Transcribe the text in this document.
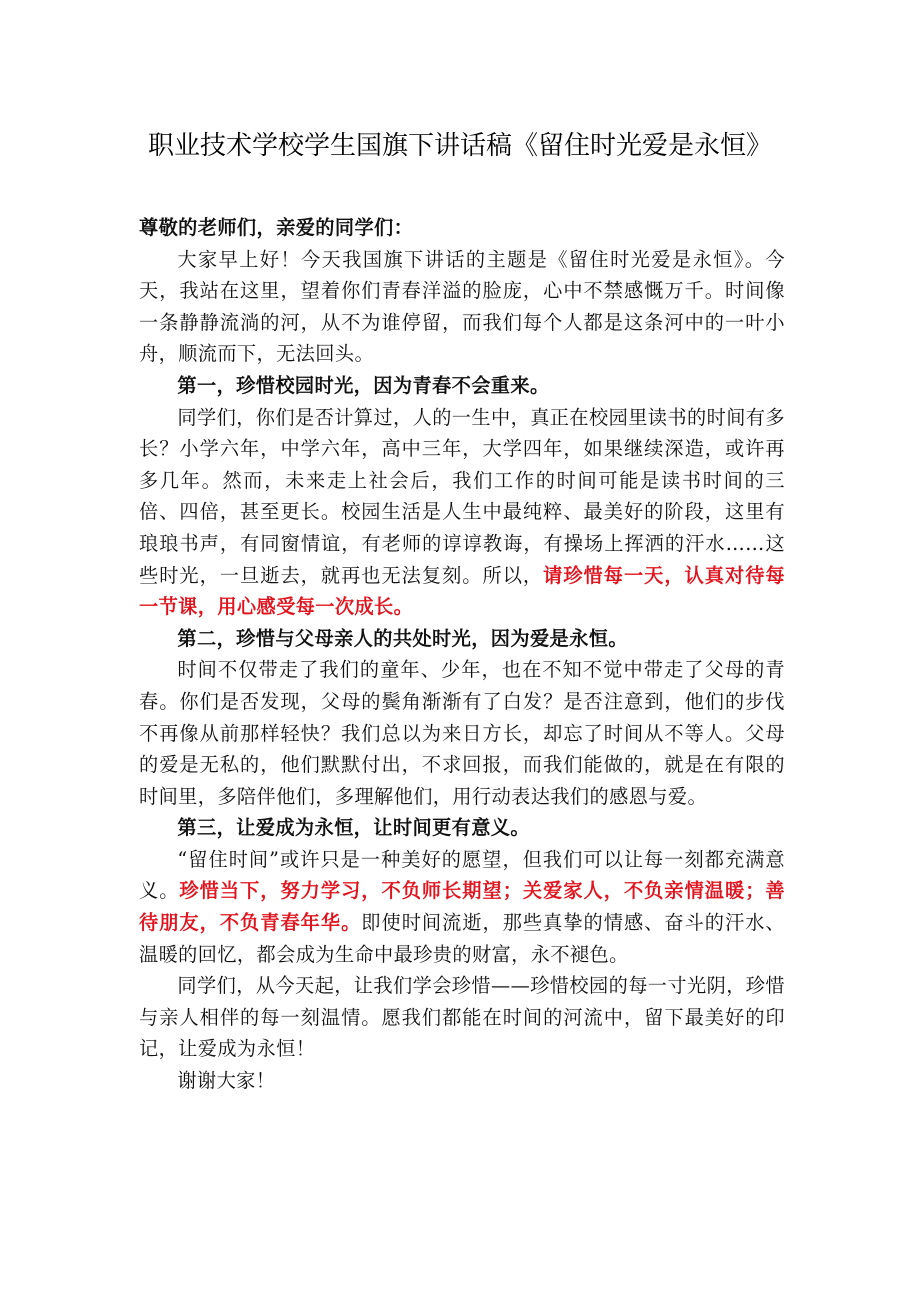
职业技术学校学生国旗下讲话稿《留住时光爱是永恒》

尊敬的老师们，亲爱的同学们：

大家早上好！今天我国旗下讲话的主题是《留住时光爱是永恒》。今天，我站在这里，望着你们青春洋溢的脸庞，心中不禁感慨万千。时间像一条静静流淌的河，从不为谁停留，而我们每个人都是这条河中的一叶小舟，顺流而下，无法回头。

第一，珍惜校园时光，因为青春不会重来。

同学们，你们是否计算过，人的一生中，真正在校园里读书的时间有多长？小学六年，中学六年，高中三年，大学四年，如果继续深造，或许再多几年。然而，未来走上社会后，我们工作的时间可能是读书时间的三倍、四倍，甚至更长。校园生活是人生中最纯粹、最美好的阶段，这里有琅琅书声，有同窗情谊，有老师的谆谆教诲，有操场上挥洒的汗水……这些时光，一旦逝去，就再也无法复刻。所以，请珍惜每一天，认真对待每一节课，用心感受每一次成长。

第二，珍惜与父母亲人的共处时光，因为爱是永恒。

时间不仅带走了我们的童年、少年，也在不知不觉中带走了父母的青春。你们是否发现，父母的鬓角渐渐有了白发？是否注意到，他们的步伐不再像从前那样轻快？我们总以为来日方长，却忘了时间从不等人。父母的爱是无私的，他们默默付出，不求回报，而我们能做的，就是在有限的时间里，多陪伴他们，多理解他们，用行动表达我们的感恩与爱。

第三，让爱成为永恒，让时间更有意义。

“留住时间”或许只是一种美好的愿望，但我们可以让每一刻都充满意义。珍惜当下，努力学习，不负师长期望；关爱家人，不负亲情温暖；善待朋友，不负青春年华。即使时间流逝，那些真挚的情感、奋斗的汗水、温暖的回忆，都会成为生命中最珍贵的财富，永不褪色。

同学们，从今天起，让我们学会珍惜——珍惜校园的每一寸光阴，珍惜与亲人相伴的每一刻温情。愿我们都能在时间的河流中，留下最美好的印记，让爱成为永恒！

谢谢大家！
